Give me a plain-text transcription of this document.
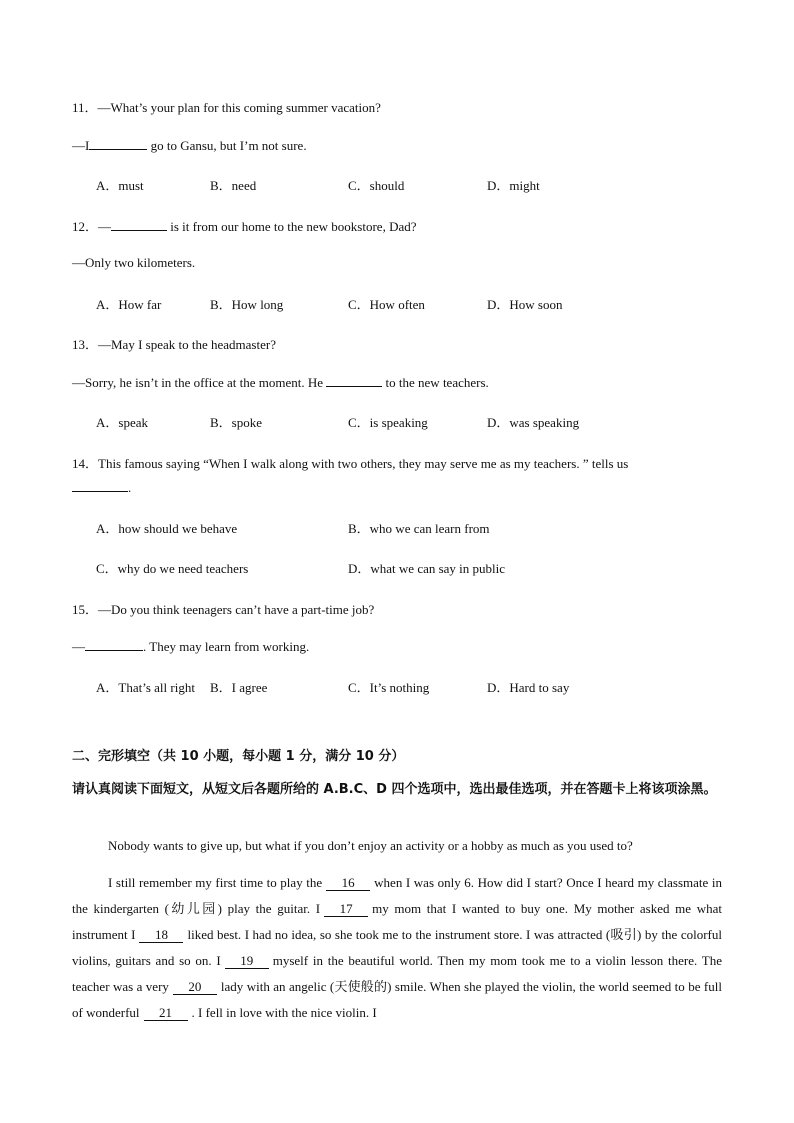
11．—What’s your plan for this coming summer vacation?
—I	go to Gansu, but I’m not sure.
A．must	B．need	C．should	D．might
12．—	is it from our home to the new bookstore, Dad?
—Only two kilometers.
A．How far	B．How long	C．How often	D．How soon
13．—May I speak to the headmaster?
—Sorry, he isn’t in the office at the moment. He	to the new teachers.
A．speak	B．spoke	C．is speaking	D．was speaking
14．This famous saying “When I walk along with two others, they may serve me as my teachers. ” tells us
.
A．how should we behave	B．who we can learn from
C．why do we need teachers	D．what we can say in public
15．—Do you think teenagers can’t have a part-time job?
—	. They may learn from working.
A．That’s all right B．I agree	C．It’s nothing	D．Hard to say
二、完形填空（共 10 小题，每小题 1 分，满分 10 分）
请认真阅读下面短文，从短文后各题所给的 A.B.C、D 四个选项中，选出最佳选项，并在答题卡上将该项涂黑。
Nobody wants to give up, but what if you don’t enjoy an activity or a hobby as much as you used to?
I still remember my first time to play the 16 when I was only 6. How did I start? Once I heard my classmate in the kindergarten (幼儿园) play the guitar. I 17 my mom that I wanted to buy one. My mother asked me what instrument I 18 liked best. I had no idea, so she took me to the instrument store. I was attracted (吸引) by the colorful violins, guitars and so on. I 19 myself in the beautiful world. Then my mom took me to a violin lesson there. The teacher was a very 20 lady with an angelic (天使般的) smile. When she played the violin, the world seemed to be full of wonderful 21 . I fell in love with the nice violin. I
